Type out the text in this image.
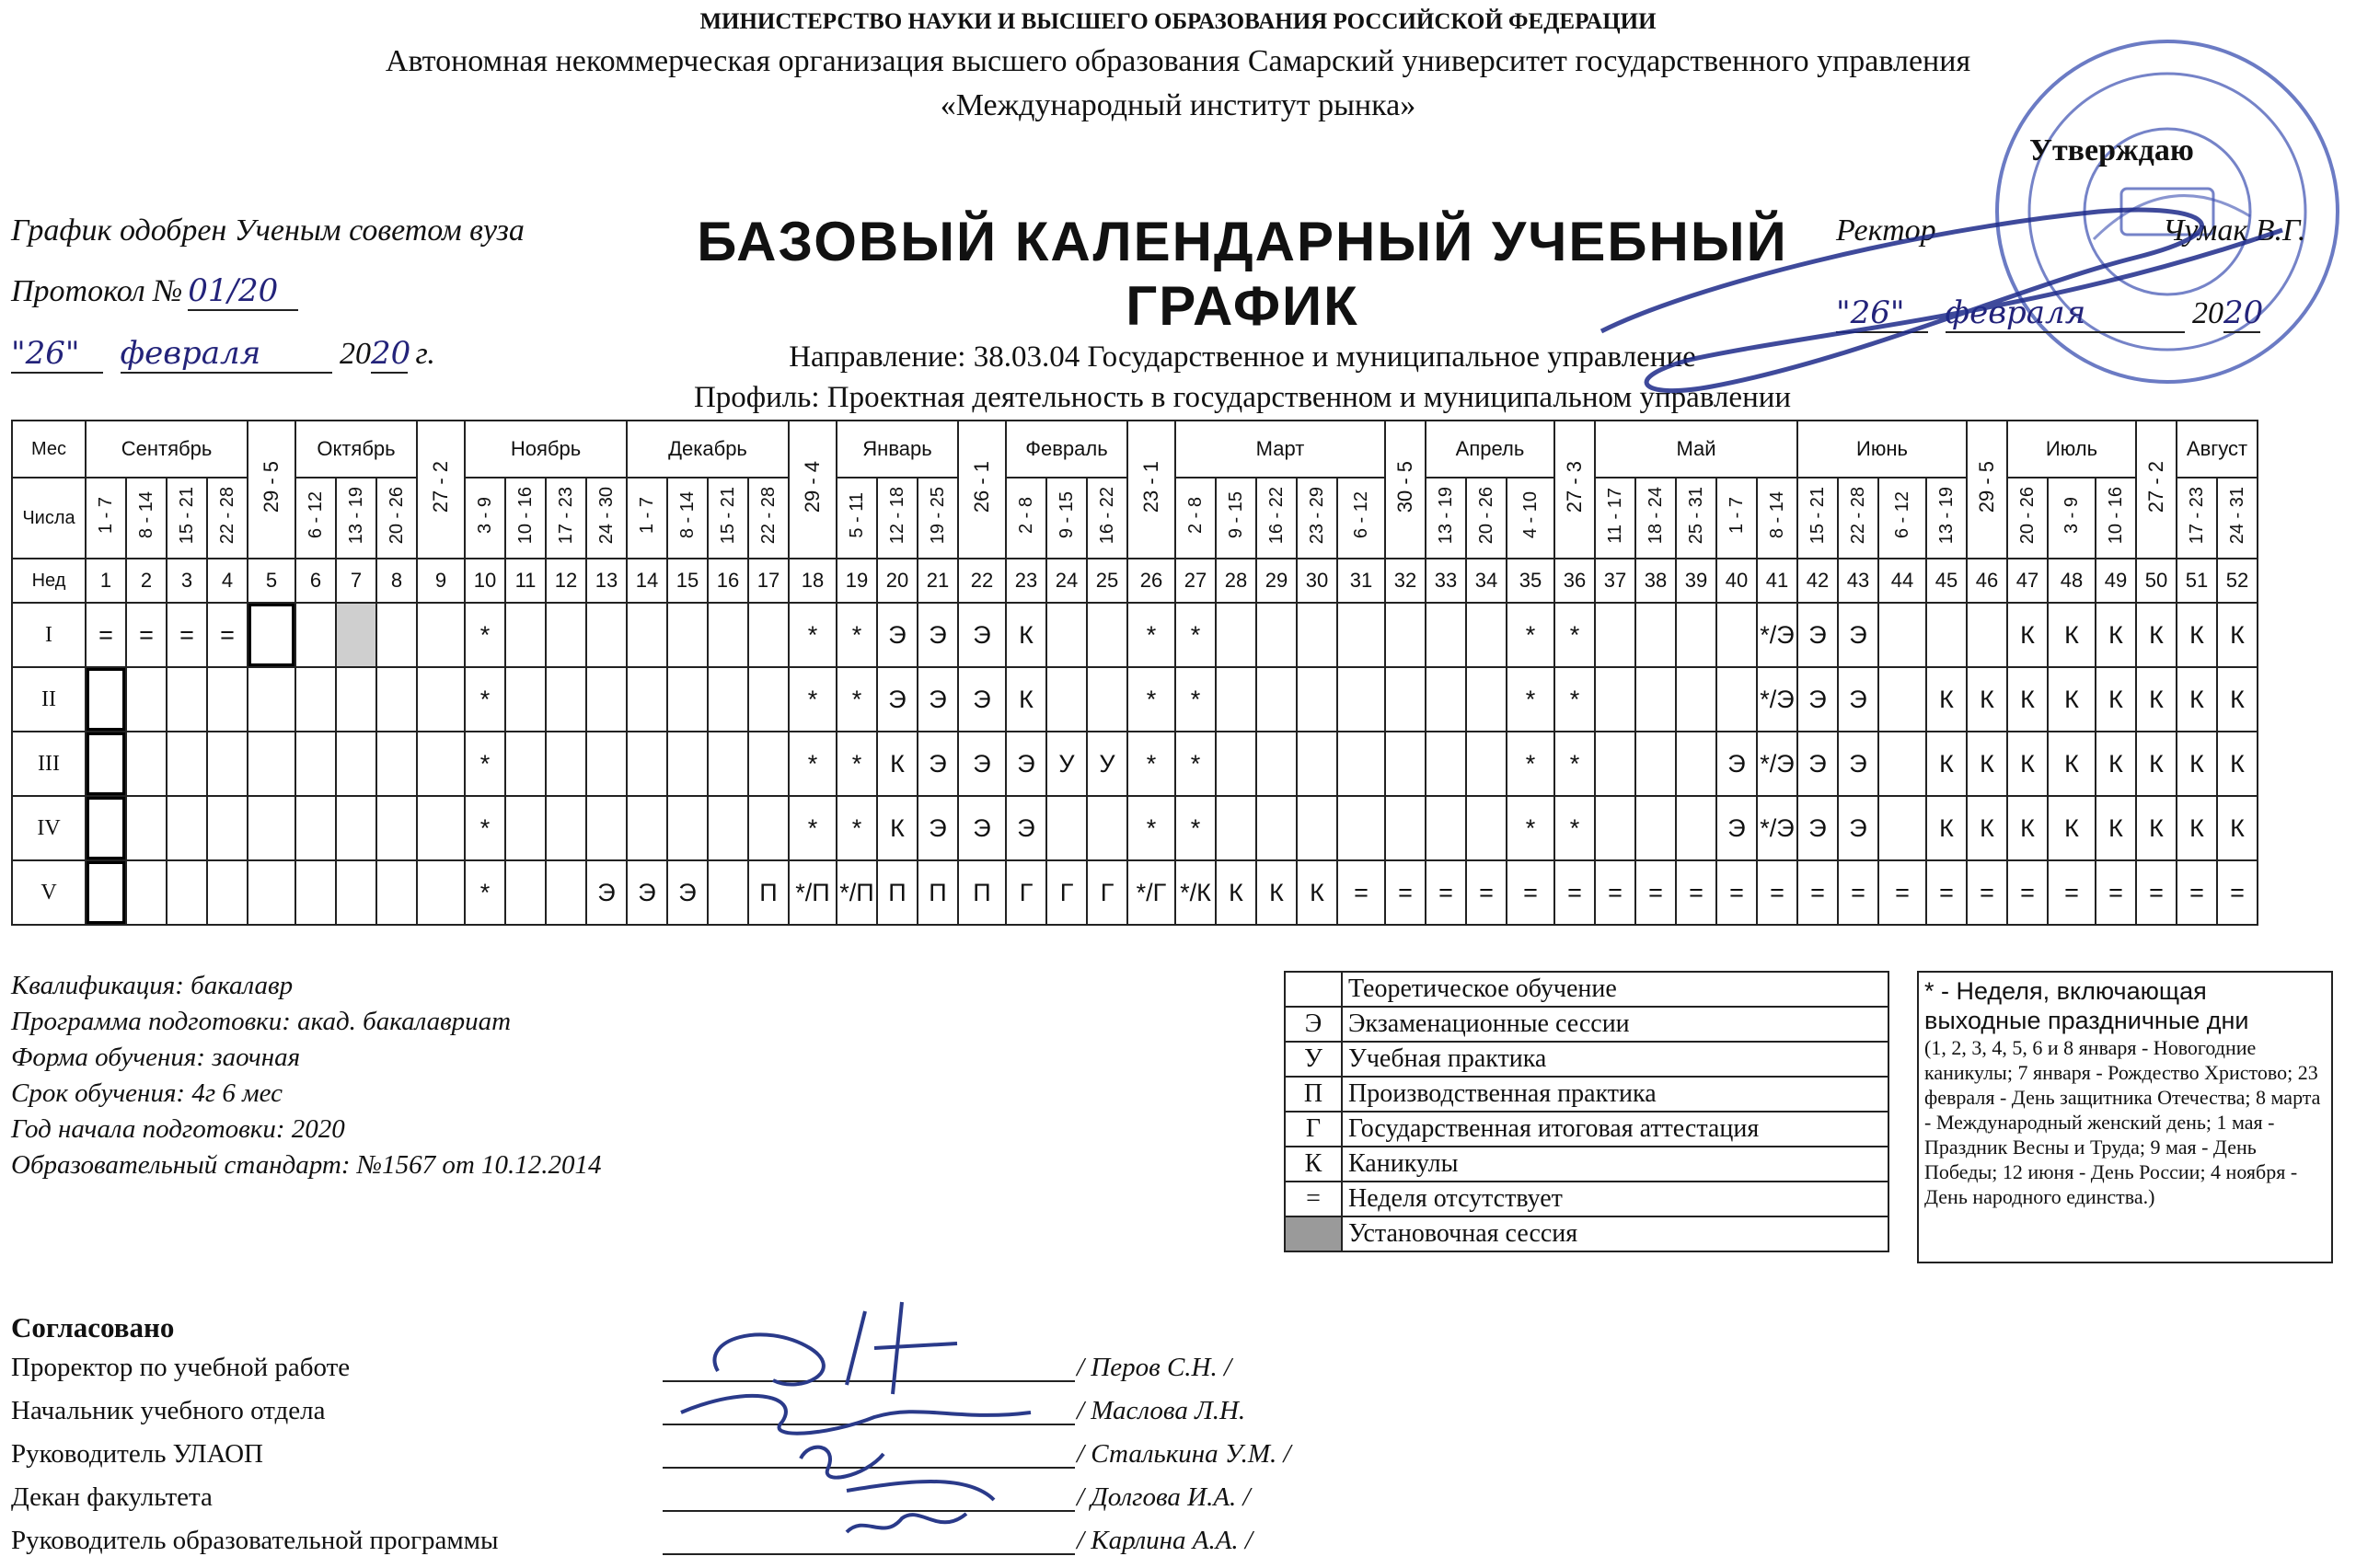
МИНИСТЕРСТВО НАУКИ И ВЫСШЕГО ОБРАЗОВАНИЯ РОССИЙСКОЙ ФЕДЕРАЦИИ
Автономная некоммерческая организация высшего образования Самарский университет государственного управления
«Международный институт рынка»
График одобрен Ученым советом вуза
Протокол № 01/20
"26" февраля	2020 г.
БАЗОВЫЙ КАЛЕНДАРНЫЙ УЧЕБНЫЙ
ГРАФИК
Направление: 38.03.04 Государственное и муниципальное управление
Профиль: Проектная деятельность в государственном и муниципальном управлении
Утверждаю
Ректор	Чумак В.Г.
"26" февраля	2020
Мес	Сентябрь				29 - 5	Октябрь			27 - 2	Ноябрь				Декабрь				29 - 4	Январь			26 - 1	Февраль			23 - 1	Март					30 - 5	Апрель			27 - 3	Май					Июнь				29 - 5	Июль			27 - 2	Август	
Числа	1 - 7	8 - 14	15 - 21	22 - 28		6 - 12	13 - 19	20 - 26		3 - 9	10 - 16	17 - 23	24 - 30	1 - 7	8 - 14	15 - 21	22 - 28		5 - 11	12 - 18	19 - 25		2 - 8	9 - 15	16 - 22		2 - 8	9 - 15	16 - 22	23 - 29	6 - 12		13 - 19	20 - 26	4 - 10		11 - 17	18 - 24	25 - 31	1 - 7	8 - 14	15 - 21	22 - 28	6 - 12	13 - 19		20 - 26	3 - 9	10 - 16		17 - 23	24 - 31
Нед	1	2	3	4	5	6	7	8	9	10	11	12	13	14	15	16	17	18	19	20	21	22	23	24	25	26	27	28	29	30	31	32	33	34	35	36	37	38	39	40	41	42	43	44	45	46	47	48	49	50	51	52
I	=	=	=	=						*								*	*	Э	Э	Э	К			*	*								*	*					*/Э	Э	Э				К	К	К	К	К	К
II										*								*	*	Э	Э	Э	К			*	*								*	*					*/Э	Э	Э		К	К	К	К	К	К	К	К
III										*								*	*	К	Э	Э	Э	У	У	*	*								*	*				Э	*/Э	Э	Э		К	К	К	К	К	К	К	К
IV										*								*	*	К	Э	Э	Э			*	*								*	*				Э	*/Э	Э	Э		К	К	К	К	К	К	К	К
V										*			Э	Э	Э		П	*/П	*/П	П	П	П	Г	Г	Г	*/Г	*/К	К	К	К	=	=	=	=	=	=	=	=	=	=	=	=	=	=	=	=	=	=	=	=	=	=
Квалификация: бакалавр
Программа подготовки: акад. бакалавриат
Форма обучения: заочная
Срок обучения: 4г 6 мес
Год начала подготовки: 2020
Образовательный стандарт: №1567 от 10.12.2014
	Теоретическое обучение
Э	Экзаменационные сессии
У	Учебная практика
П	Производственная практика
Г	Государственная итоговая аттестация
К	Каникулы
=	Неделя отсутствует
	Установочная сессия
* - Неделя, включающая выходные праздничные дни
(1, 2, 3, 4, 5, 6 и 8 января - Новогодние каникулы; 7 января - Рождество Христово; 23 февраля - День защитника Отечества; 8 марта - Международный женский день; 1 мая - Праздник Весны и Труда; 9 мая - День Победы; 12 июня - День России; 4 ноября - День народного единства.)
Согласовано
Проректор по учебной работе	/ Перов С.Н. /
Начальник учебного отдела	/ Маслова Л.Н.
Руководитель УЛАОП	/ Сталькина У.М. /
Декан факультета	/ Долгова И.А. /
Руководитель образовательной программы	/ Карлина А.А. /
